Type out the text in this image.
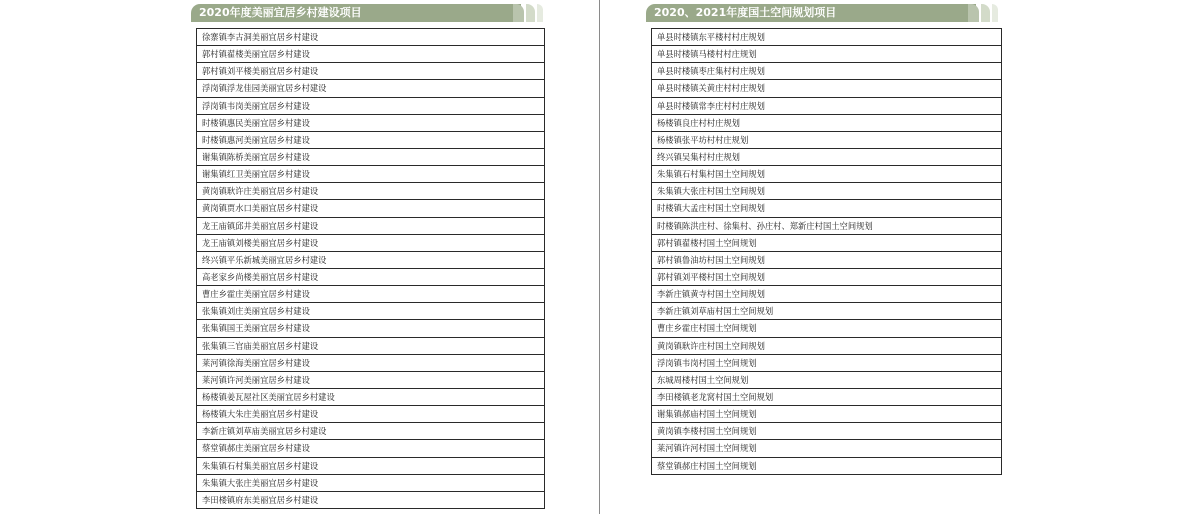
2020年度美丽宜居乡村建设项目
徐寨镇李古洞美丽宜居乡村建设
郭村镇翟楼美丽宜居乡村建设
郭村镇刘平楼美丽宜居乡村建设
浮岗镇浮龙佳园美丽宜居乡村建设
浮岗镇韦岗美丽宜居乡村建设
时楼镇惠民美丽宜居乡村建设
时楼镇惠河美丽宜居乡村建设
谢集镇陈桥美丽宜居乡村建设
谢集镇红卫美丽宜居乡村建设
黄岗镇耿许庄美丽宜居乡村建设
黄岗镇贾水口美丽宜居乡村建设
龙王庙镇邱井美丽宜居乡村建设
龙王庙镇刘楼美丽宜居乡村建设
终兴镇平乐新城美丽宜居乡村建设
高老家乡尚楼美丽宜居乡村建设
曹庄乡霍庄美丽宜居乡村建设
张集镇刘庄美丽宜居乡村建设
张集镇国王美丽宜居乡村建设
张集镇三官庙美丽宜居乡村建设
莱河镇徐海美丽宜居乡村建设
莱河镇许河美丽宜居乡村建设
杨楼镇姜瓦屋社区美丽宜居乡村建设
杨楼镇大朱庄美丽宜居乡村建设
李新庄镇刘草庙美丽宜居乡村建设
蔡堂镇郝庄美丽宜居乡村建设
朱集镇石村集美丽宜居乡村建设
朱集镇大张庄美丽宜居乡村建设
李田楼镇府东美丽宜居乡村建设
2020、2021年度国土空间规划项目
单县时楼镇东平楼村村庄规划
单县时楼镇马楼村村庄规划
单县时楼镇枣庄集村村庄规划
单县时楼镇关黄庄村村庄规划
单县时楼镇常李庄村村庄规划
杨楼镇良庄村村庄规划
杨楼镇张平坊村村庄规划
终兴镇吴集村村庄规划
朱集镇石村集村国土空间规划
朱集镇大张庄村国土空间规划
时楼镇大孟庄村国土空间规划
时楼镇陈洪庄村、徐集村、孙庄村、郑新庄村国土空间规划
郭村镇翟楼村国土空间规划
郭村镇鲁油坊村国土空间规划
郭村镇刘平楼村国土空间规划
李新庄镇黄寺村国土空间规划
李新庄镇刘草庙村国土空间规划
曹庄乡霍庄村国土空间规划
黄岗镇耿许庄村国土空间规划
浮岗镇韦岗村国土空间规划
东城周楼村国土空间规划
李田楼镇老龙窝村国土空间规划
谢集镇郝庙村国土空间规划
黄岗镇李楼村国土空间规划
莱河镇许河村国土空间规划
蔡堂镇郝庄村国土空间规划
